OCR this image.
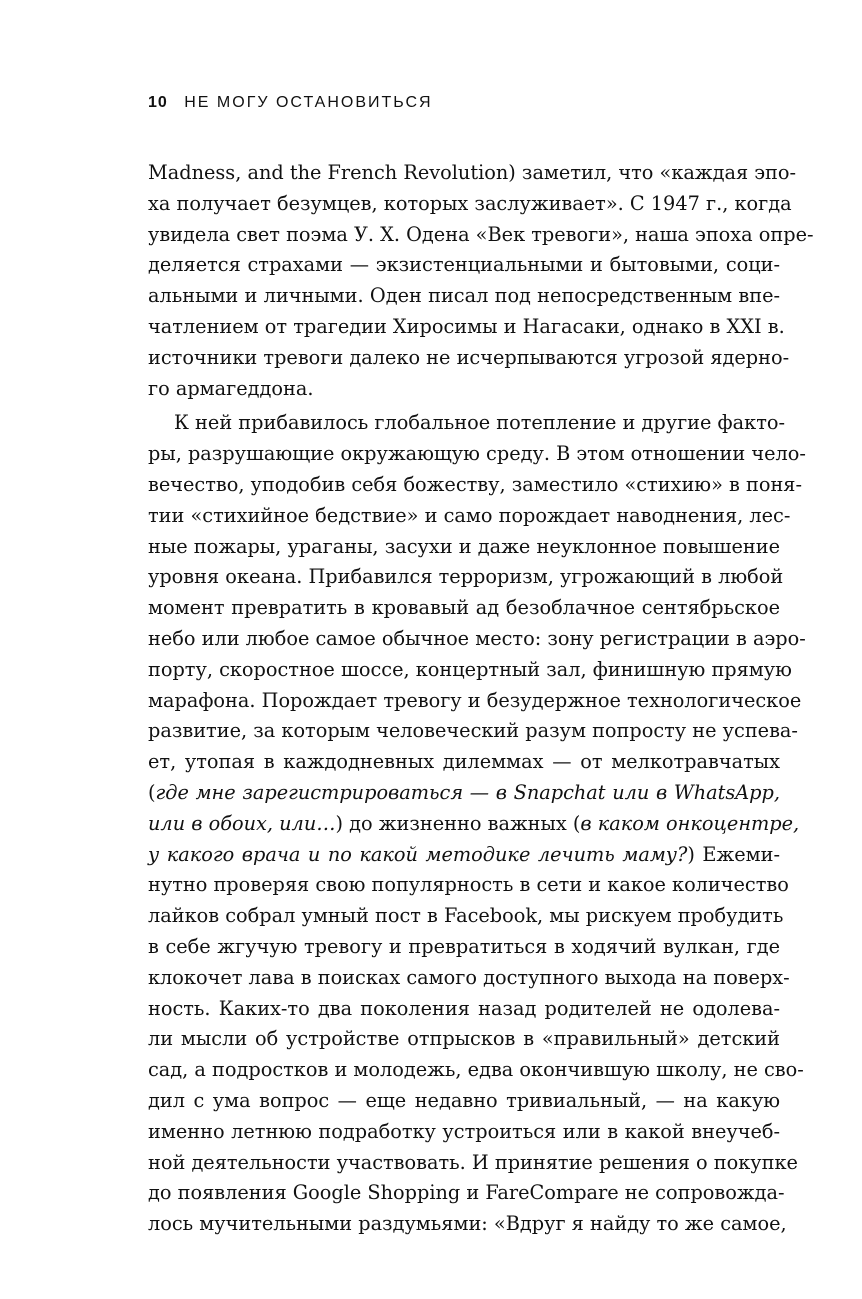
10 НЕ МОГУ ОСТАНОВИТЬСЯ
Madness, and the French Revolution) заметил, что «каждая эпо-
ха получает безумцев, которых заслуживает». С 1947 г., когда
увидела свет поэма У. Х. Одена «Век тревоги», наша эпоха опре-
деляется страхами — экзистенциальными и бытовыми, соци-
альными и личными. Оден писал под непосредственным впе-
чатлением от трагедии Хиросимы и Нагасаки, однако в XXI в.
источники тревоги далеко не исчерпываются угрозой ядерно-
го армагеддона.
К ней прибавилось глобальное потепление и другие факто-
ры, разрушающие окружающую среду. В этом отношении чело-
вечество, уподобив себя божеству, заместило «стихию» в поня-
тии «стихийное бедствие» и само порождает наводнения, лес-
ные пожары, ураганы, засухи и даже неуклонное повышение
уровня океана. Прибавился терроризм, угрожающий в любой
момент превратить в кровавый ад безоблачное сентябрьское
небо или любое самое обычное место: зону регистрации в аэро-
порту, скоростное шоссе, концертный зал, финишную прямую
марафона. Порождает тревогу и безудержное технологическое
развитие, за которым человеческий разум попросту не успева-
ет, утопая в каждодневных дилеммах — от мелкотравчатых
(где мне зарегистрироваться — в Snapchat или в WhatsApp,
или в обоих, или…) до жизненно важных (в каком онкоцентре,
у какого врача и по какой методике лечить маму?) Ежеми-
нутно проверяя свою популярность в сети и какое количество
лайков собрал умный пост в Facebook, мы рискуем пробудить
в себе жгучую тревогу и превратиться в ходячий вулкан, где
клокочет лава в поисках самого доступного выхода на поверх-
ность. Каких-то два поколения назад родителей не одолева-
ли мысли об устройстве отпрысков в «правильный» детский
сад, а подростков и молодежь, едва окончившую школу, не сво-
дил с ума вопрос — еще недавно тривиальный, — на какую
именно летнюю подработку устроиться или в какой внеучеб-
ной деятельности участвовать. И принятие решения о покупке
до появления Google Shopping и FareCompare не сопровожда-
лось мучительными раздумьями: «Вдруг я найду то же самое,
